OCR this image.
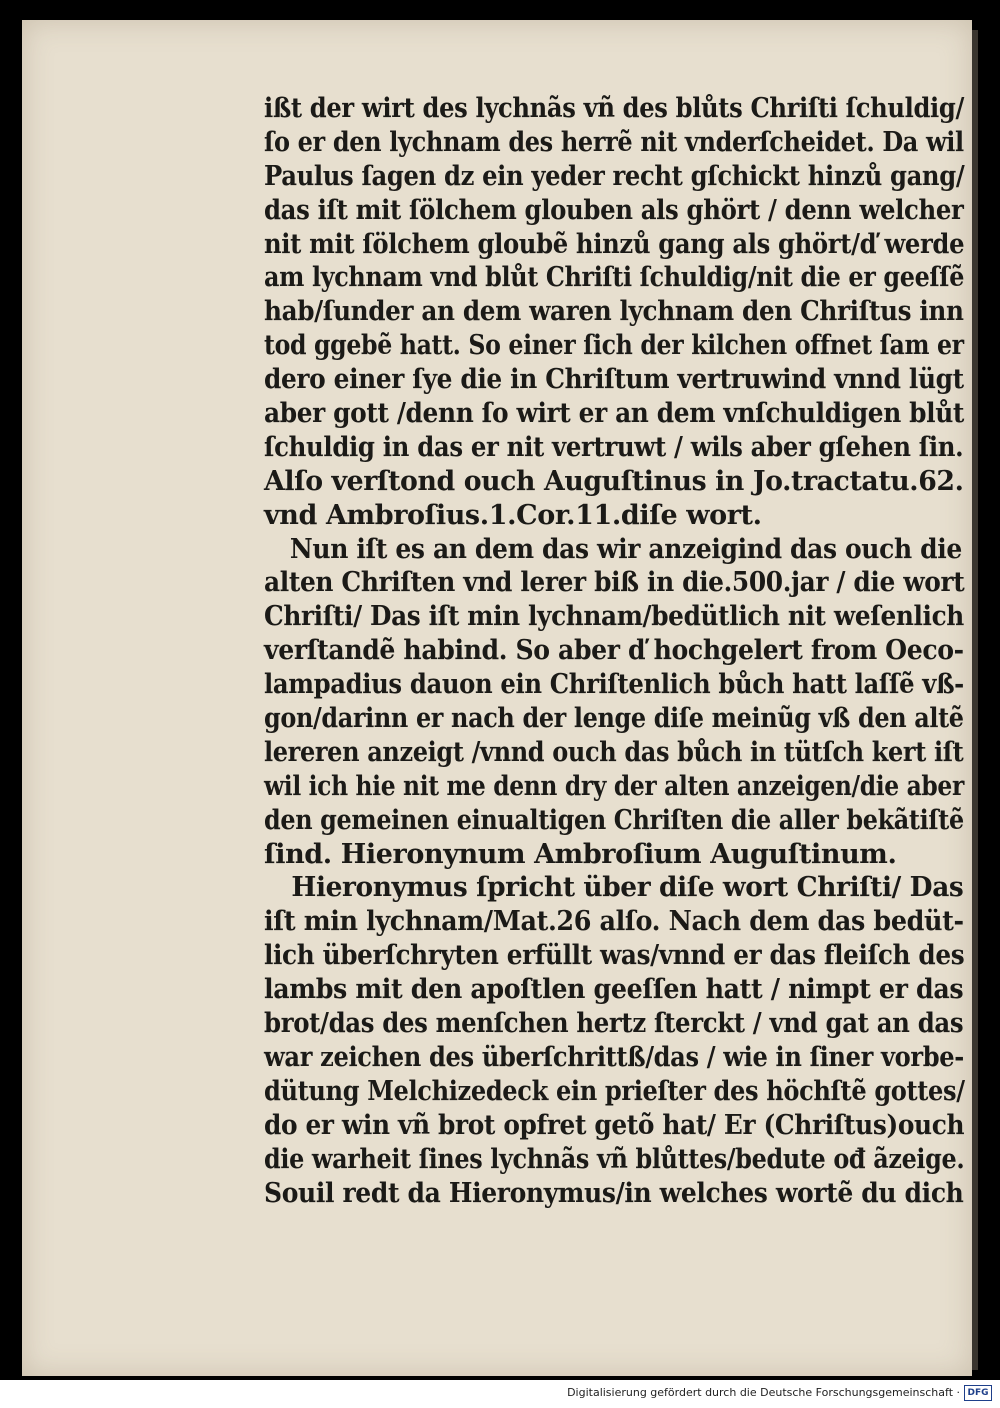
ißt der wirt des lychnãs vñ des blůts Chriſti ſchuldig/
ſo er den lychnam des herrẽ nit vnderſcheidet. Da wil
Paulus ſagen dz ein yeder recht gſchickt hinzů gang/
das iſt mit ſölchem glouben als ghört / denn welcher
nit mit ſölchem gloubẽ hinzů gang als ghört/ď werde
am lychnam vnd blůt Chriſti ſchuldig/nit die er geeſſẽ
hab/ſunder an dem waren lychnam den Chriſtus inn
tod ggebẽ hatt. So einer ſich der kilchen offnet ſam er
dero einer ſye die in Chriſtum vertruwind vnnd lügt
aber gott /denn ſo wirt er an dem vnſchuldigen blůt
ſchuldig in das er nit vertruwt / wils aber gſehen ſin.
Alſo verſtond ouch Auguſtinus in Jo.tractatu.62.
vnd Ambroſius.1.Cor.11.diſe wort.
Nun iſt es an dem das wir anzeigind das ouch die
alten Chriſten vnd lerer biß in die.500.jar / die wort
Chriſti/ Das iſt min lychnam/bedütlich nit weſenlich
verſtandẽ habind. So aber ď hochgelert from Oeco-
lampadius dauon ein Chriſtenlich bůch hatt laſſẽ vß-
gon/darinn er nach der lenge diſe meinũg vß den altẽ
lereren anzeigt /vnnd ouch das bůch in tütſch kert iſt
wil ich hie nit me denn dry der alten anzeigen/die aber
den gemeinen einualtigen Chriſten die aller bekãtiſtẽ
ſind. Hieronynum Ambroſium Auguſtinum.
Hieronymus ſpricht über diſe wort Chriſti/ Das
iſt min lychnam/Mat.26 alſo. Nach dem das bedüt-
lich überſchryten erfüllt was/vnnd er das fleiſch des
lambs mit den apoſtlen geeſſen hatt / nimpt er das
brot/das des menſchen hertz ſterckt / vnd gat an das
war zeichen des überſchrittß/das / wie in ſiner vorbe-
dütung Melchizedeck ein prieſter des höchſtẽ gottes/
do er win vñ brot opfret getõ hat/ Er (Chriſtus)ouch
die warheit ſines lychnãs vñ blůttes/bedute ođ ãzeige.
Souil redt da Hieronymus/in welches wortẽ du dich
Digitalisierung gefördert durch die Deutsche Forschungsgemeinschaft · DFG
